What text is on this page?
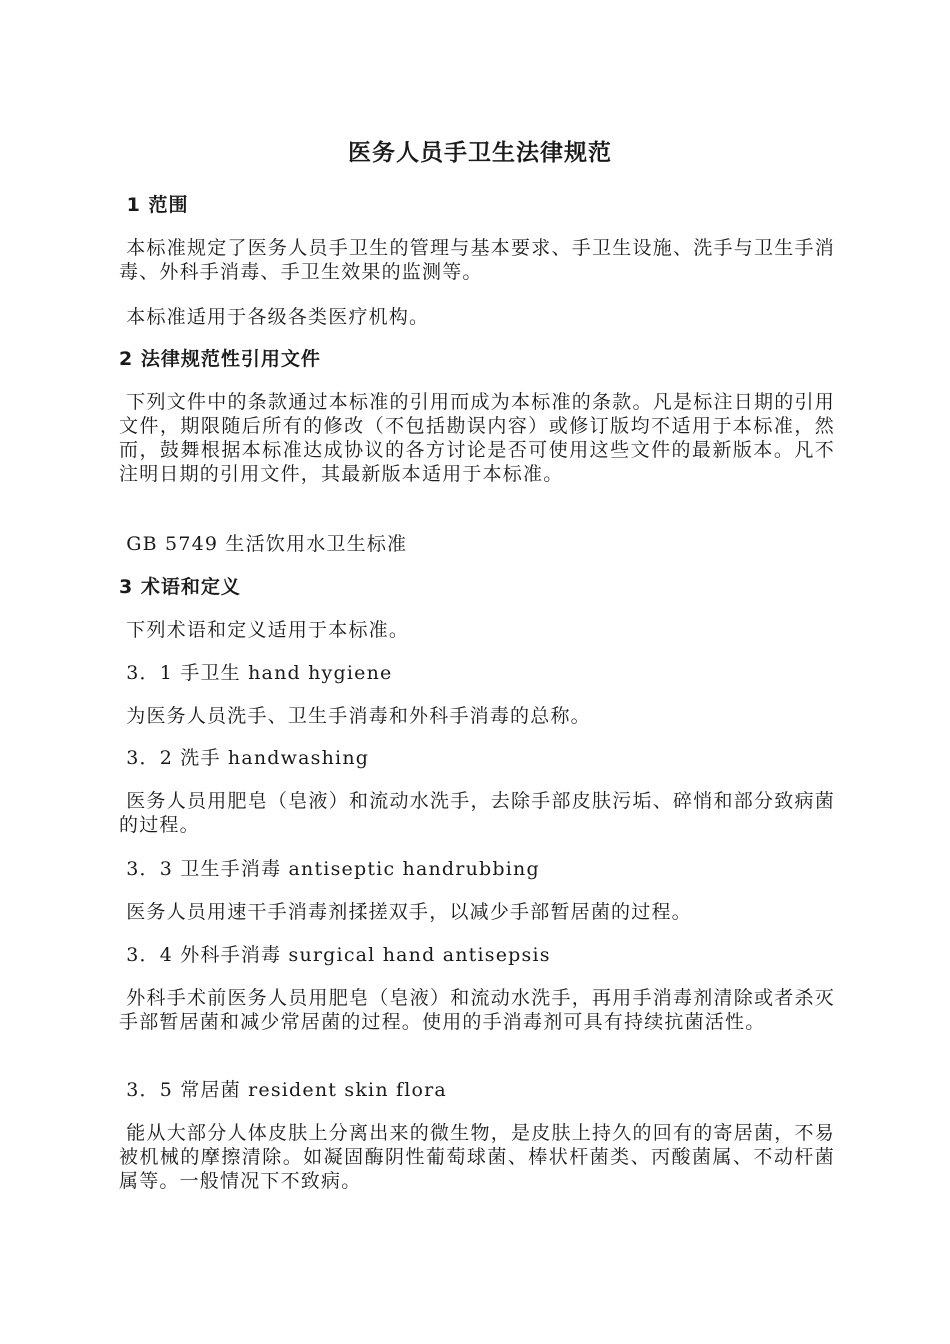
医务人员手卫生法律规范
1 范围
本标准规定了医务人员手卫生的管理与基本要求、手卫生设施、洗手与卫生手消毒、外科手消毒、手卫生效果的监测等。
本标准适用于各级各类医疗机构。
2 法律规范性引用文件
下列文件中的条款通过本标准的引用而成为本标准的条款。凡是标注日期的引用文件，期限随后所有的修改（不包括勘误内容）或修订版均不适用于本标准，然而，鼓舞根据本标准达成协议的各方讨论是否可使用这些文件的最新版本。凡不注明日期的引用文件，其最新版本适用于本标准。
GB 5749 生活饮用水卫生标准
3 术语和定义
下列术语和定义适用于本标准。
3．1 手卫生 hand hygiene
为医务人员洗手、卫生手消毒和外科手消毒的总称。
3．2 洗手 handwashing
医务人员用肥皂（皂液）和流动水洗手，去除手部皮肤污垢、碎悄和部分致病菌的过程。
3．3 卫生手消毒 antiseptic handrubbing
医务人员用速干手消毒剂揉搓双手，以减少手部暂居菌的过程。
3．4 外科手消毒 surgical hand antisepsis
外科手术前医务人员用肥皂（皂液）和流动水洗手，再用手消毒剂清除或者杀灭手部暂居菌和减少常居菌的过程。使用的手消毒剂可具有持续抗菌活性。
3．5 常居菌 resident skin flora
能从大部分人体皮肤上分离出来的微生物，是皮肤上持久的回有的寄居菌，不易被机械的摩擦清除。如凝固酶阴性葡萄球菌、棒状杆菌类、丙酸菌属、不动杆菌属等。一般情况下不致病。
